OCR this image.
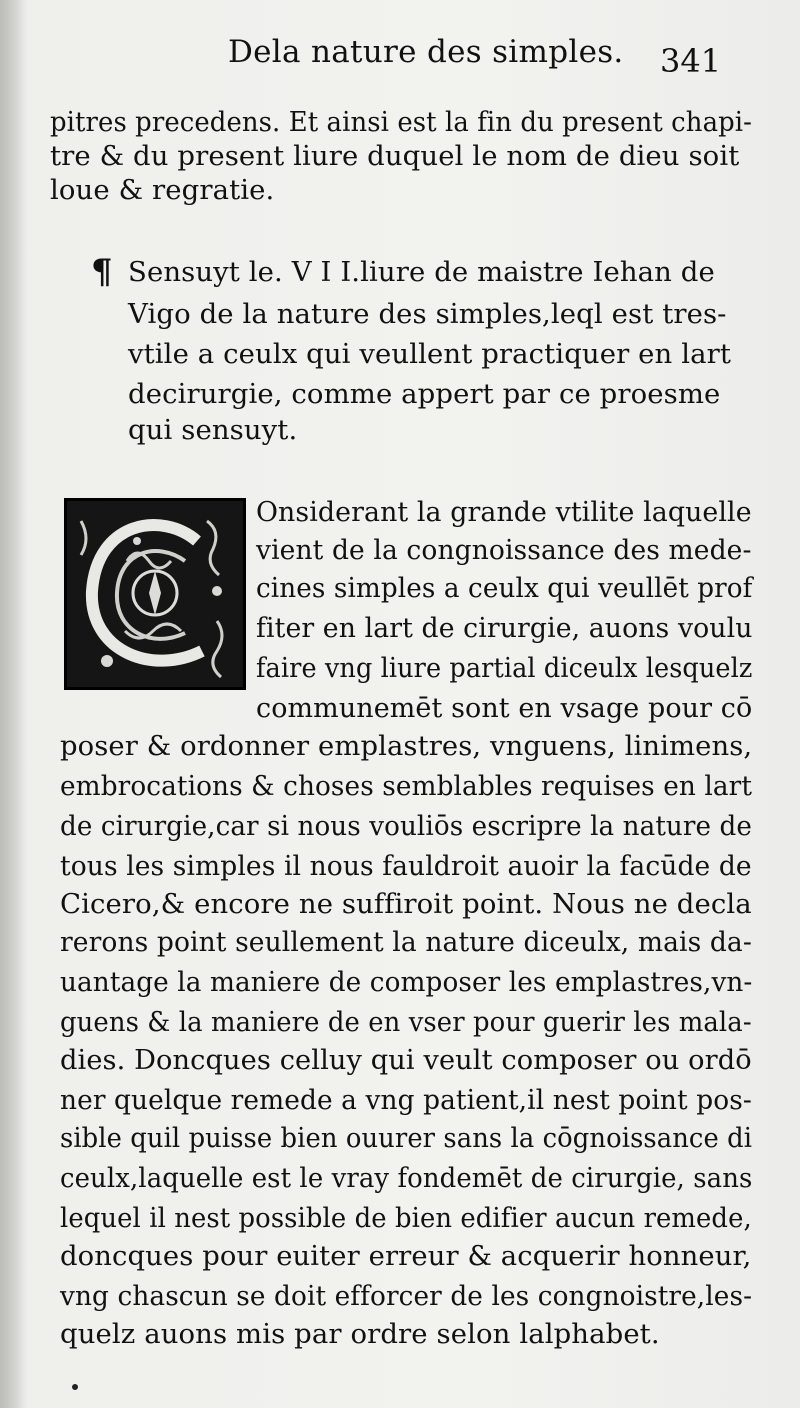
Dela nature des simples. 341
pitres precedens. Et ainsi est la fin du present chapi-
tre & du present liure duquel le nom de dieu soit
loue & regratie.
¶ Sensuyt le. V I I.liure de maistre Iehan de
Vigo de la nature des simples,leql est tres-
vtile a ceulx qui veullent practiquer en lart
decirurgie, comme appert par ce proesme
qui sensuyt.
Onsiderant la grande vtilite laquelle
vient de la congnoissance des mede-
cines simples a ceulx qui veullēt prof
fiter en lart de cirurgie, auons voulu
faire vng liure partial diceulx lesquelz
communemēt sont en vsage pour cō
poser & ordonner emplastres, vnguens, linimens,
embrocations & choses semblables requises en lart
de cirurgie,car si nous vouliōs escripre la nature de
tous les simples il nous fauldroit auoir la facūde de
Cicero,& encore ne suffiroit point. Nous ne decla
rerons point seullement la nature diceulx, mais da-
uantage la maniere de composer les emplastres,vn-
guens & la maniere de en vser pour guerir les mala-
dies. Doncques celluy qui veult composer ou ordō
ner quelque remede a vng patient,il nest point pos-
sible quil puisse bien ouurer sans la cōgnoissance di
ceulx,laquelle est le vray fondemēt de cirurgie, sans
lequel il nest possible de bien edifier aucun remede,
doncques pour euiter erreur & acquerir honneur,
vng chascun se doit efforcer de les congnoistre,les-
quelz auons mis par ordre selon lalphabet.
